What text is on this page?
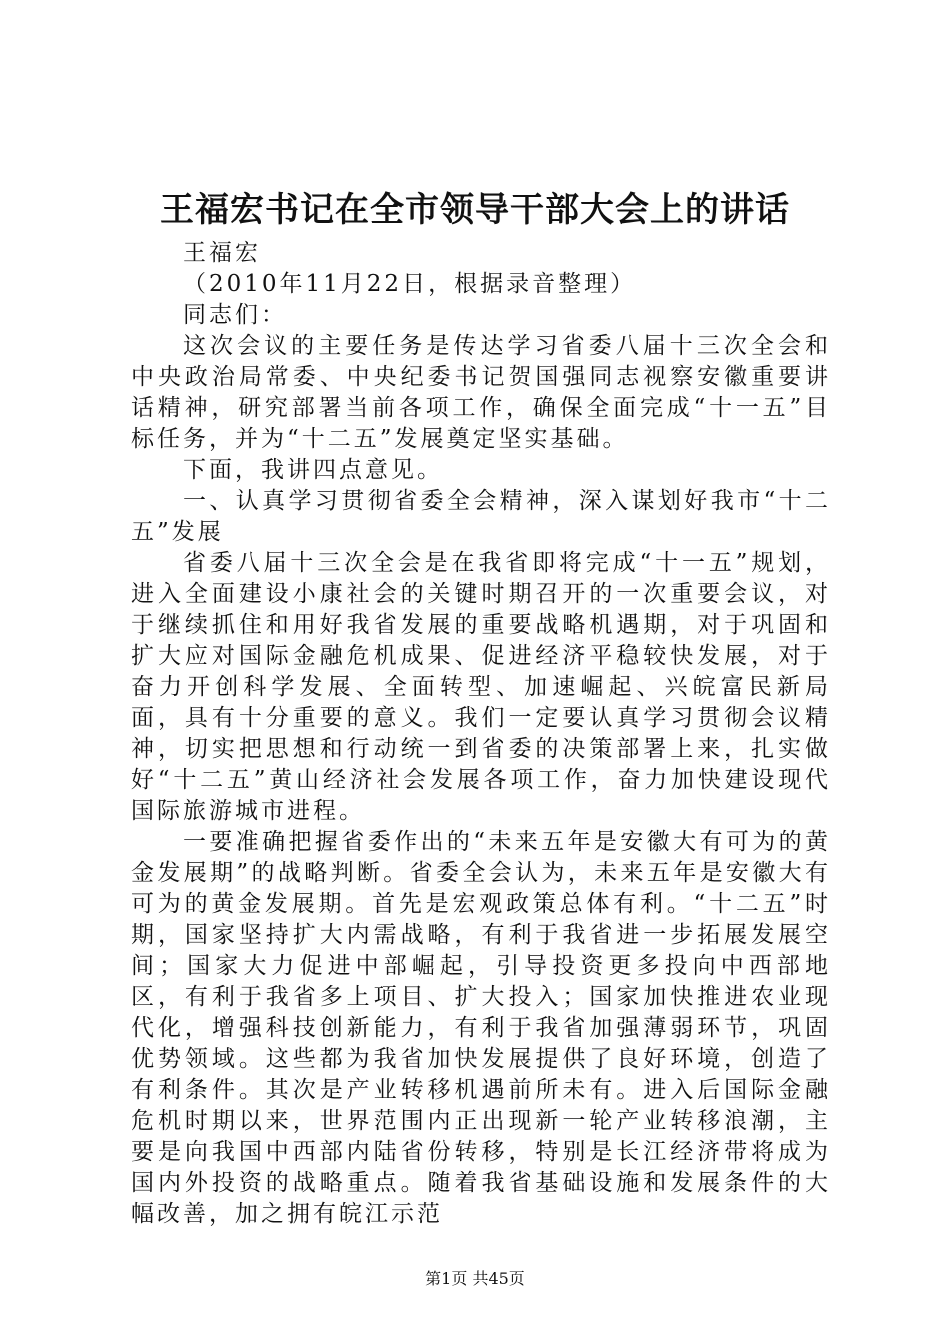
王福宏书记在全市领导干部大会上的讲话

王福宏

（2010年11月22日，根据录音整理）

同志们：

这次会议的主要任务是传达学习省委八届十三次全会和中央政治局常委、中央纪委书记贺国强同志视察安徽重要讲话精神，研究部署当前各项工作，确保全面完成“十一五”目标任务，并为“十二五”发展奠定坚实基础。

下面，我讲四点意见。

一、认真学习贯彻省委全会精神，深入谋划好我市“十二五”发展

省委八届十三次全会是在我省即将完成“十一五”规划，进入全面建设小康社会的关键时期召开的一次重要会议，对于继续抓住和用好我省发展的重要战略机遇期，对于巩固和扩大应对国际金融危机成果、促进经济平稳较快发展，对于奋力开创科学发展、全面转型、加速崛起、兴皖富民新局面，具有十分重要的意义。我们一定要认真学习贯彻会议精神，切实把思想和行动统一到省委的决策部署上来，扎实做好“十二五”黄山经济社会发展各项工作，奋力加快建设现代国际旅游城市进程。

一要准确把握省委作出的“未来五年是安徽大有可为的黄金发展期”的战略判断。省委全会认为，未来五年是安徽大有可为的黄金发展期。首先是宏观政策总体有利。“十二五”时期，国家坚持扩大内需战略，有利于我省进一步拓展发展空间；国家大力促进中部崛起，引导投资更多投向中西部地区，有利于我省多上项目、扩大投入；国家加快推进农业现代化，增强科技创新能力，有利于我省加强薄弱环节，巩固优势领域。这些都为我省加快发展提供了良好环境，创造了有利条件。其次是产业转移机遇前所未有。进入后国际金融危机时期以来，世界范围内正出现新一轮产业转移浪潮，主要是向我国中西部内陆省份转移，特别是长江经济带将成为国内外投资的战略重点。随着我省基础设施和发展条件的大幅改善，加之拥有皖江示范

第1页 共45页
